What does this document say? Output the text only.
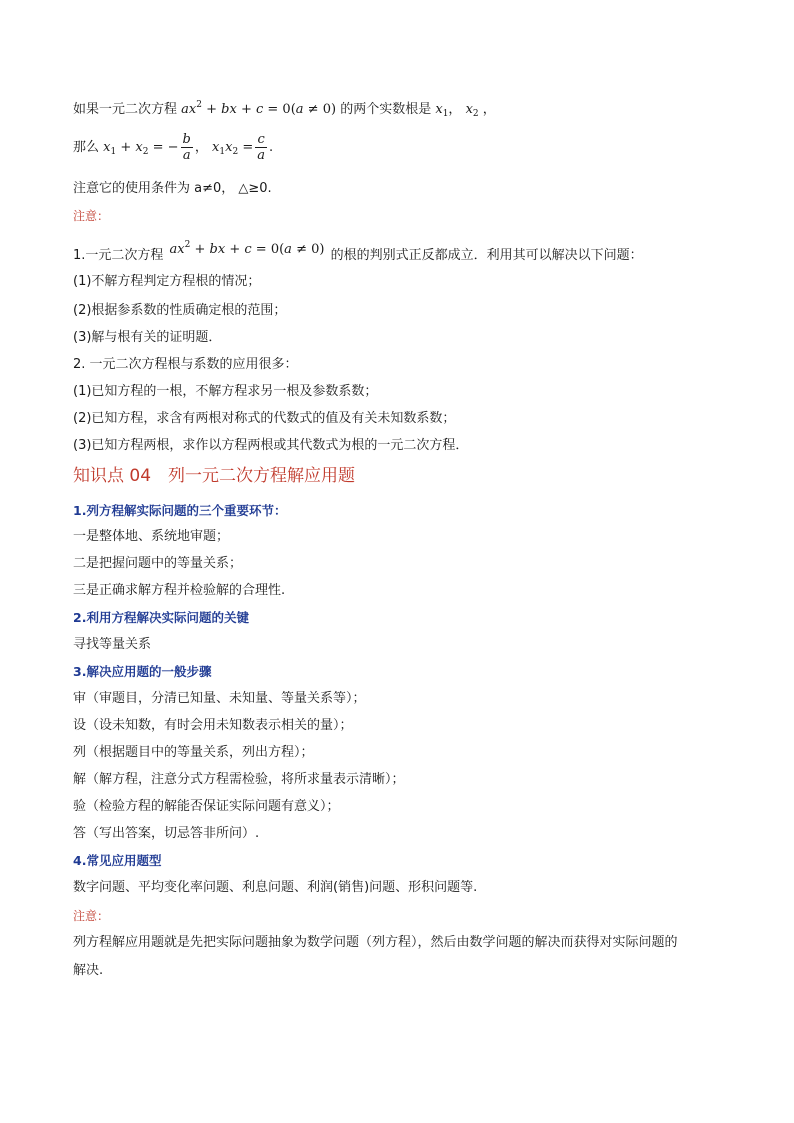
如果一元二次方程 $ax^2$ + bx + c = 0(a ≠ 0) 的两个实数根是 $x_1$， $x_2$ ，
那么 $x_1 + x_2$ = − $\frac{b}{a}$ ， $x_1x_2 = \frac{c}{a}$ .
注意它的使用条件为 a≠0， △≥0.
注意：
1.一元二次方程 $ax^2$ + bx + c = 0(a ≠ 0) 的根的判别式正反都成立．利用其可以解决以下问题：
(1)不解方程判定方程根的情况；
(2)根据参系数的性质确定根的范围；
(3)解与根有关的证明题．
2. 一元二次方程根与系数的应用很多：
(1)已知方程的一根，不解方程求另一根及参数系数；
(2)已知方程，求含有两根对称式的代数式的值及有关未知数系数；
(3)已知方程两根，求作以方程两根或其代数式为根的一元二次方程．
知识点 04　列一元二次方程解应用题
1.列方程解实际问题的三个重要环节：
一是整体地、系统地审题；
二是把握问题中的等量关系；
三是正确求解方程并检验解的合理性.
2.利用方程解决实际问题的关键
寻找等量关系
3.解决应用题的一般步骤
审（审题目，分清已知量、未知量、等量关系等）；
设（设未知数，有时会用未知数表示相关的量）；
列（根据题目中的等量关系，列出方程）；
解（解方程，注意分式方程需检验，将所求量表示清晰）；
验（检验方程的解能否保证实际问题有意义）；
答（写出答案，切忌答非所问）.
4.常见应用题型
数字问题、平均变化率问题、利息问题、利润(销售)问题、形积问题等.
注意：
列方程解应用题就是先把实际问题抽象为数学问题（列方程），然后由数学问题的解决而获得对实际问题的
解决.
